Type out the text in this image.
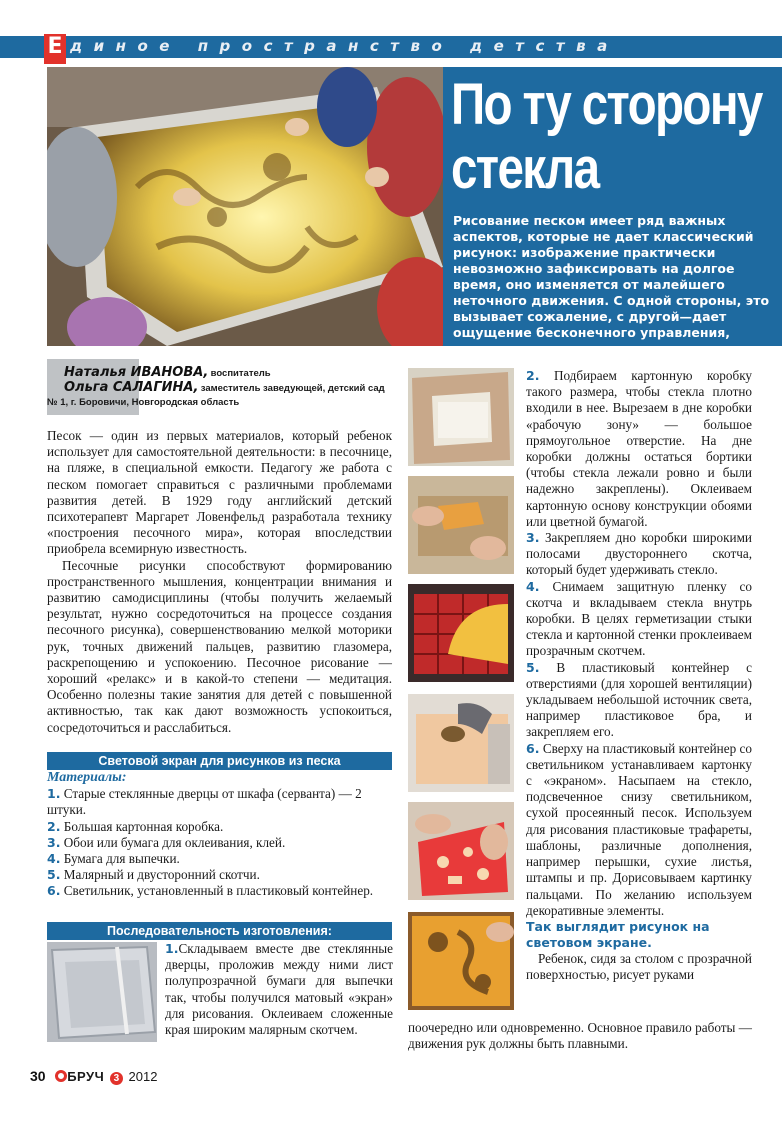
Е диное пространство детства
По ту сторону
стекла
Рисование песком имеет ряд важных аспектов, которые не дает классический рисунок: изображение практически невозможно зафиксировать на долгое время, оно изменяется от малейшего неточного движения. С одной стороны, это вызывает сожаление, с другой—дает ощущение бесконечного управления, владения материалом
Наталья ИВАНОВА, воспитатель
Ольга САЛАГИНА, заместитель заведующей, детский сад
№ 1, г. Боровичи, Новгородская область

Песок — один из первых материалов, который ребенок использует для самостоятельной деятельности: в песочнице, на пляже, в специальной емкости. Педагогу же работа с песком помогает справиться с различными проблемами развития детей. В 1929 году английский детский психотерапевт Маргарет Ловенфельд разработала технику «построения песочного мира», которая впоследствии приобрела всемирную известность.

Песочные рисунки способствуют формированию пространственного мышления, концентрации внимания и развитию самодисциплины (чтобы получить желаемый результат, нужно сосредоточиться на процессе создания песочного рисунка), совершенствованию мелкой моторики рук, точных движений пальцев, развитию глазомера, раскрепощению и успокоению. Песочное рисование — хороший «релакс» и в какой-то степени — медитация. Особенно полезны такие занятия для детей с повышенной активностью, так как дают возможность успокоиться, сосредоточиться и расслабиться.

Световой экран для рисунков из песка
Материалы:
1. Старые стеклянные дверцы от шкафа (серванта) — 2 штуки.
2. Большая картонная коробка.
3. Обои или бумага для оклеивания, клей.
4. Бумага для выпечки.
5. Малярный и двусторонний скотчи.
6. Светильник, установленный в пластиковый контейнер.
Последовательность изготовления:
1.Складываем вместе две стеклянные дверцы, проложив между ними лист полупрозрачной бумаги для выпечки так, чтобы получился матовый «экран» для рисования. Оклеиваем сложенные края широким малярным скотчем.

2. Подбираем картонную коробку такого размера, чтобы стекла плотно входили в нее. Вырезаем в дне коробки «рабочую зону» — большое прямоугольное отверстие. На дне коробки должны остаться бортики (чтобы стекла лежали ровно и были надежно закреплены). Оклеиваем картонную основу конструкции обоями или цветной бумагой.

3. Закрепляем дно коробки широкими полосами двустороннего скотча, который будет удерживать стекло.

4. Снимаем защитную пленку со скотча и вкладываем стекла внутрь коробки. В целях герметизации стыки стекла и картонной стенки проклеиваем прозрачным скотчем.

5. В пластиковый контейнер с отверстиями (для хорошей вентиляции) укладываем небольшой источник света, например пластиковое бра, и закрепляем его.

6. Сверху на пластиковый контейнер со светильником устанавливаем картонку с «экраном». Насыпаем на стекло, подсвеченное снизу светильником, сухой просеянный песок. Используем для рисования пластиковые трафареты, шаблоны, различные дополнения, например перышки, сухие листья, штампы и пр. Дорисовываем картинку пальцами. По желанию используем декоративные элементы.

Так выглядит рисунок на световом экране.

Ребенок, сидя за столом с прозрачной поверхностью, рисует руками

поочередно или одновременно. Основное правило работы — движения рук должны быть плавными.
30 БРУЧ 3 2012
